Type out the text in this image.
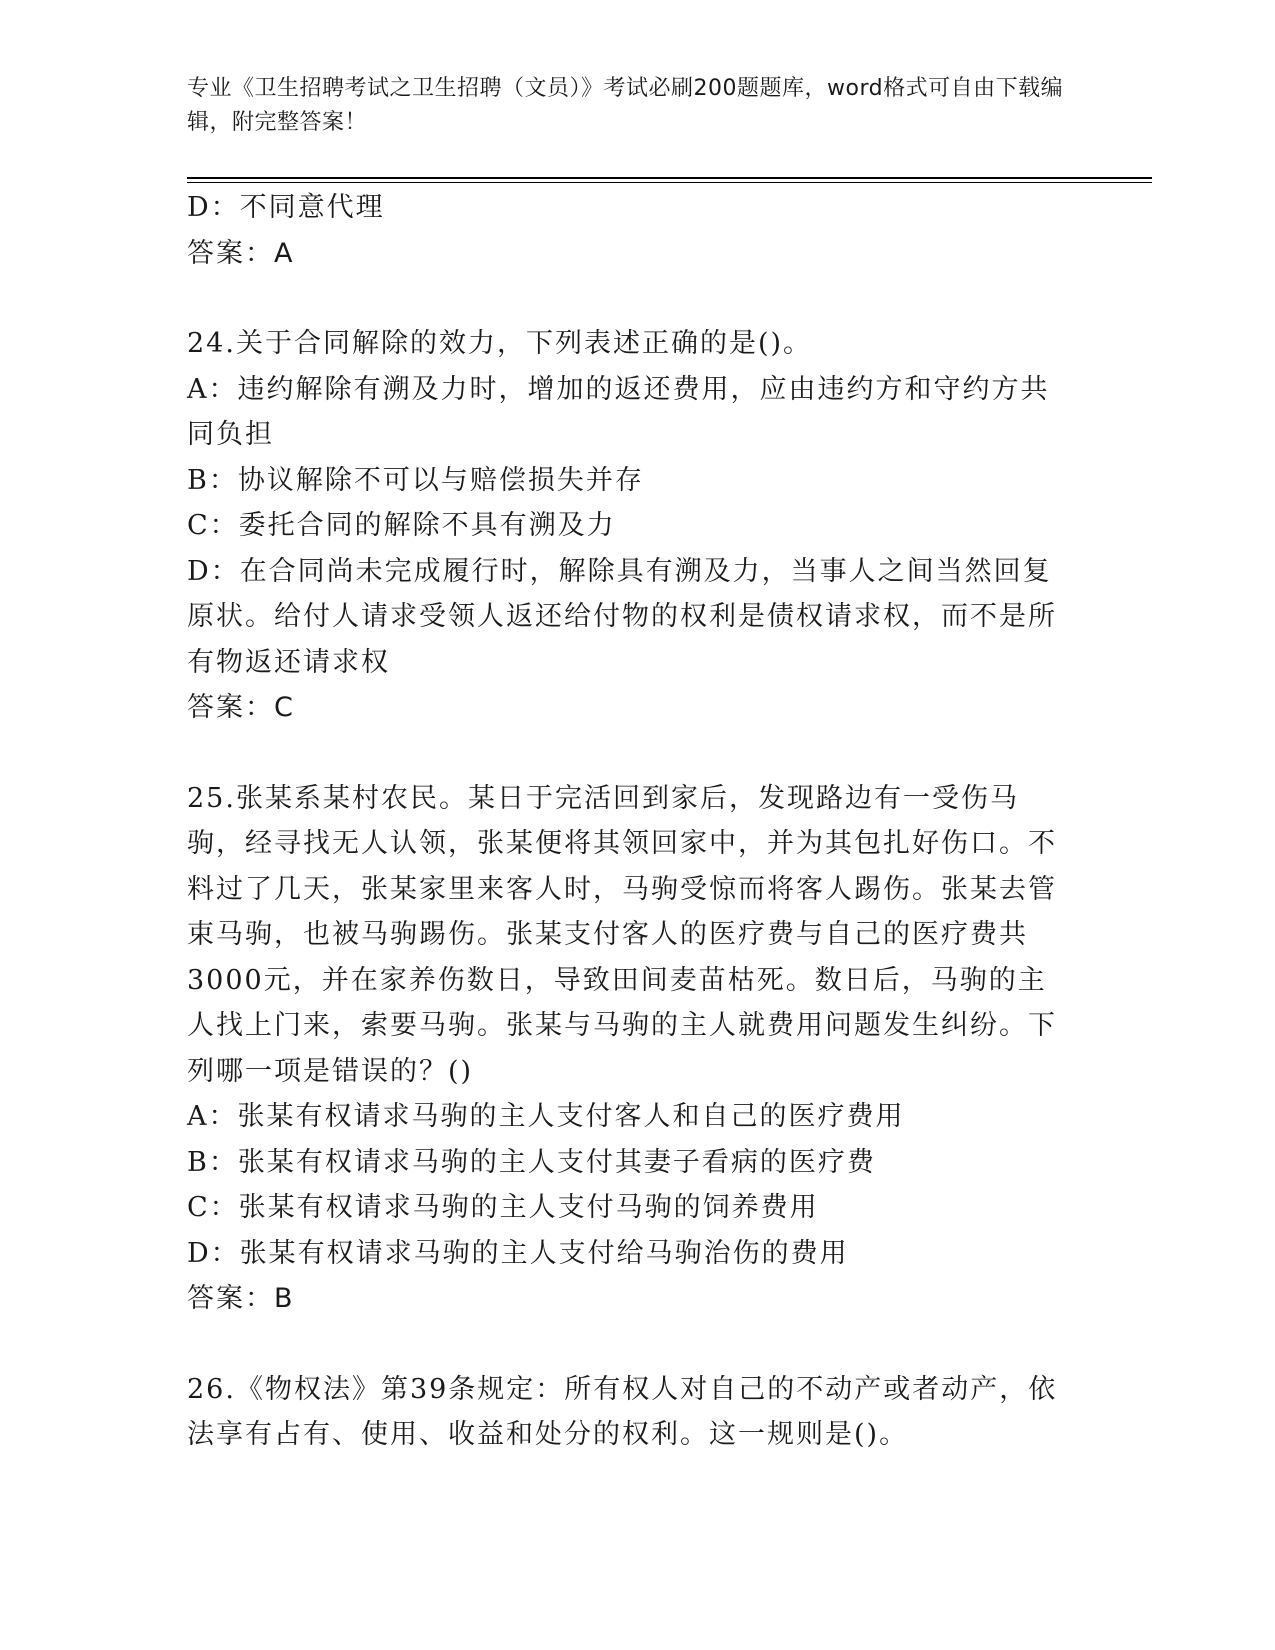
专业《卫生招聘考试之卫生招聘（文员）》考试必刷200题题库，word格式可自由下载编辑，附完整答案！

D：不同意代理

答案：A

24.关于合同解除的效力，下列表述正确的是()。

A：违约解除有溯及力时，增加的返还费用，应由违约方和守约方共同负担

B：协议解除不可以与赔偿损失并存

C：委托合同的解除不具有溯及力

D：在合同尚未完成履行时，解除具有溯及力，当事人之间当然回复原状。给付人请求受领人返还给付物的权利是债权请求权，而不是所有物返还请求权

答案：C

25.张某系某村农民。某日于完活回到家后，发现路边有一受伤马驹，经寻找无人认领，张某便将其领回家中，并为其包扎好伤口。不料过了几天，张某家里来客人时，马驹受惊而将客人踢伤。张某去管束马驹，也被马驹踢伤。张某支付客人的医疗费与自己的医疗费共3000元，并在家养伤数日，导致田间麦苗枯死。数日后，马驹的主人找上门来，索要马驹。张某与马驹的主人就费用问题发生纠纷。下列哪一项是错误的？()

A：张某有权请求马驹的主人支付客人和自己的医疗费用

B：张某有权请求马驹的主人支付其妻子看病的医疗费

C：张某有权请求马驹的主人支付马驹的饲养费用

D：张某有权请求马驹的主人支付给马驹治伤的费用

答案：B

26.《物权法》第39条规定：所有权人对自己的不动产或者动产，依法享有占有、使用、收益和处分的权利。这一规则是()。
